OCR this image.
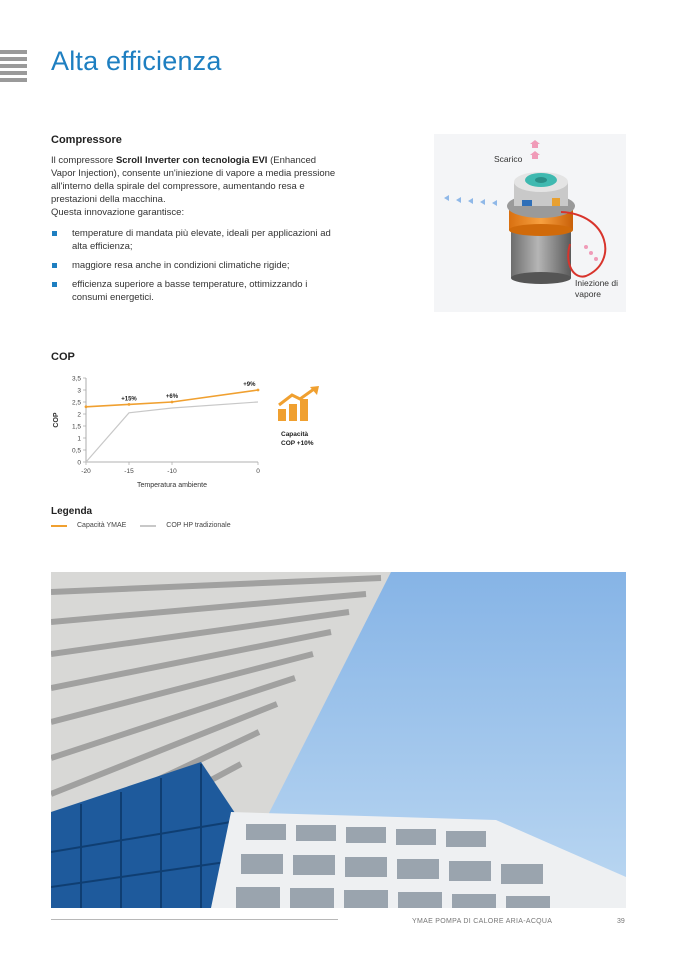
Alta efficienza
Compressore

Il compressore Scroll Inverter con tecnologia EVI (Enhanced Vapor Injection), consente un'iniezione di vapore a media pressione all'interno della spirale del compressore, aumentando resa e prestazioni della macchina.

Questa innovazione garantisce:

temperature di mandata più elevate, ideali per applicazioni ad alta efficienza;
maggiore resa anche in condizioni climatiche rigide;
efficienza superiore a basse temperature, ottimizzando i consumi energetici.
Scarico
Iniezione di
vapore
COP
0
0,5
1
1,5
2
2,5
3
3,5
-20	-15	-10	0
Temperatura ambiente
COP
+15%	+6%
+9%
Capacità
COP +10%
Legenda
Capacità YMAE	COP HP tradizionale
YMAE POMPA DI CALORE ARIA-ACQUA	39
